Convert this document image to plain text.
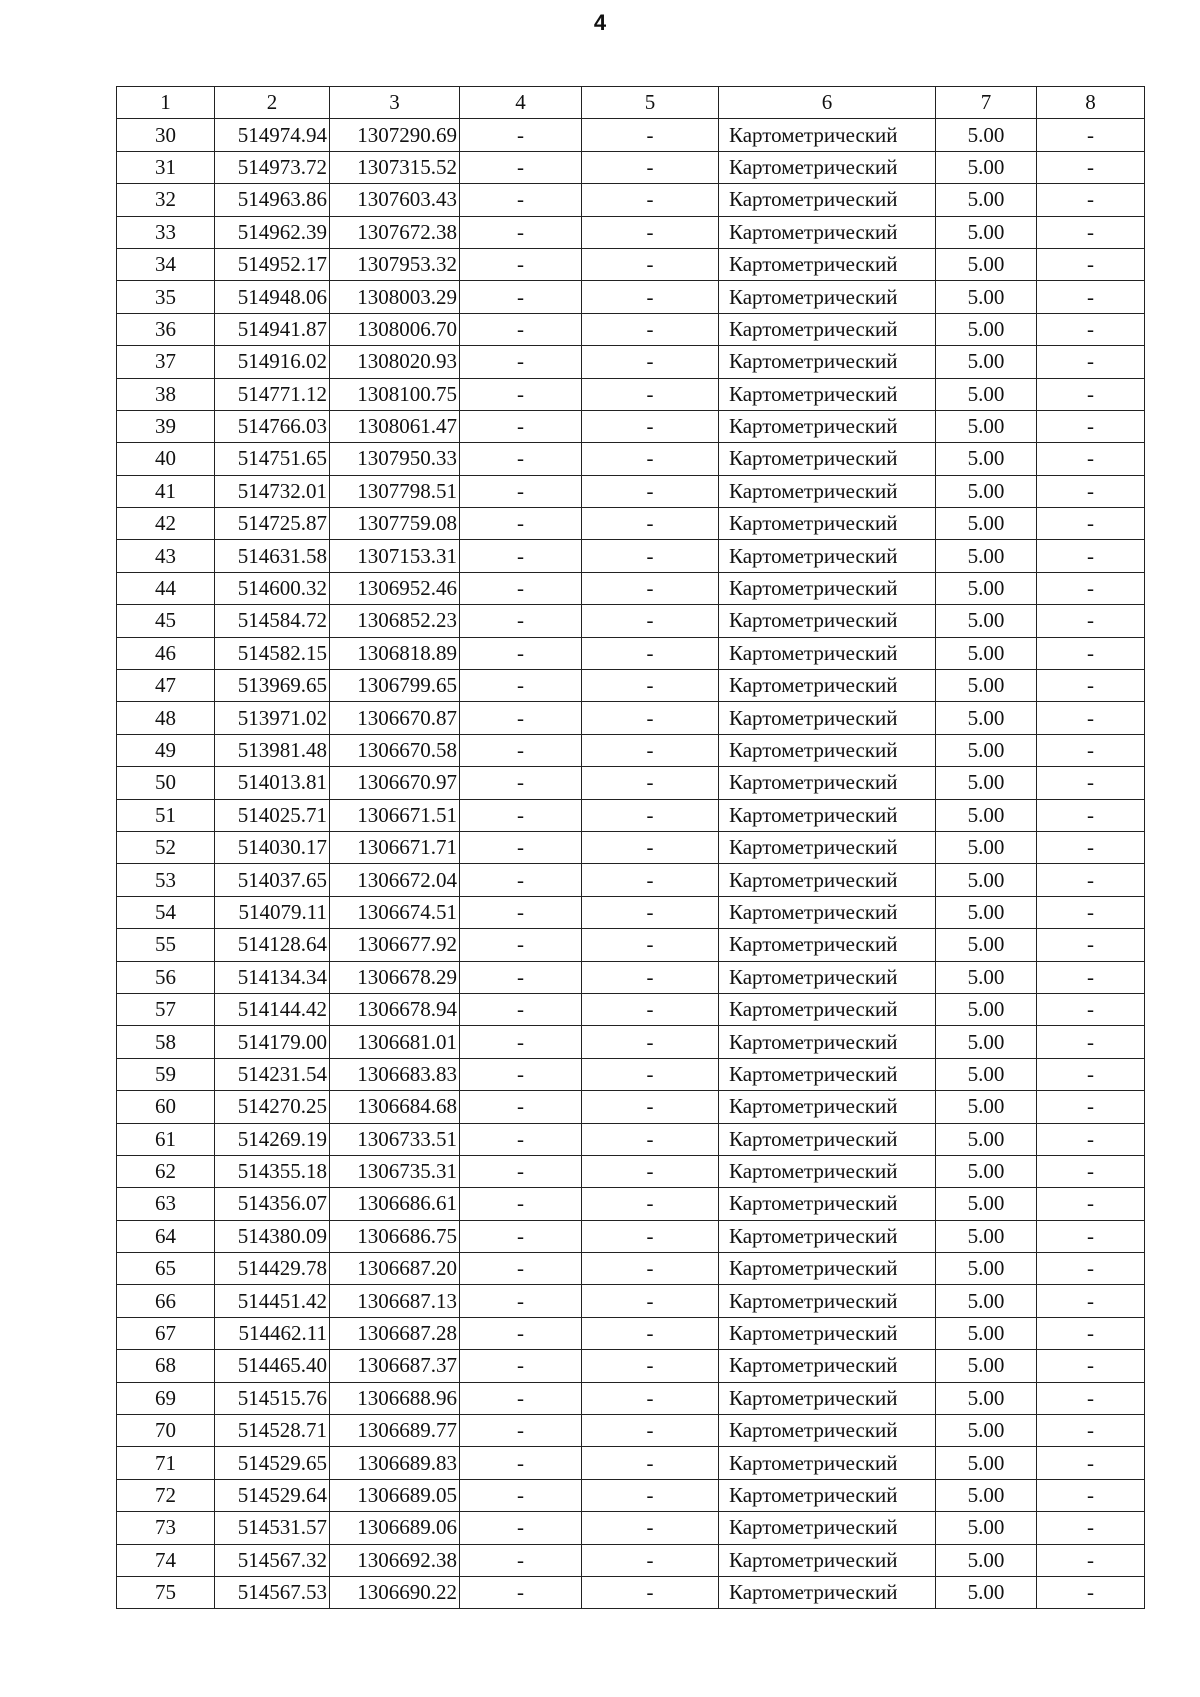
4
1	2	3	4	5	6	7	8
30	514974.94	1307290.69	-	-	Картометрический	5.00	-
31	514973.72	1307315.52	-	-	Картометрический	5.00	-
32	514963.86	1307603.43	-	-	Картометрический	5.00	-
33	514962.39	1307672.38	-	-	Картометрический	5.00	-
34	514952.17	1307953.32	-	-	Картометрический	5.00	-
35	514948.06	1308003.29	-	-	Картометрический	5.00	-
36	514941.87	1308006.70	-	-	Картометрический	5.00	-
37	514916.02	1308020.93	-	-	Картометрический	5.00	-
38	514771.12	1308100.75	-	-	Картометрический	5.00	-
39	514766.03	1308061.47	-	-	Картометрический	5.00	-
40	514751.65	1307950.33	-	-	Картометрический	5.00	-
41	514732.01	1307798.51	-	-	Картометрический	5.00	-
42	514725.87	1307759.08	-	-	Картометрический	5.00	-
43	514631.58	1307153.31	-	-	Картометрический	5.00	-
44	514600.32	1306952.46	-	-	Картометрический	5.00	-
45	514584.72	1306852.23	-	-	Картометрический	5.00	-
46	514582.15	1306818.89	-	-	Картометрический	5.00	-
47	513969.65	1306799.65	-	-	Картометрический	5.00	-
48	513971.02	1306670.87	-	-	Картометрический	5.00	-
49	513981.48	1306670.58	-	-	Картометрический	5.00	-
50	514013.81	1306670.97	-	-	Картометрический	5.00	-
51	514025.71	1306671.51	-	-	Картометрический	5.00	-
52	514030.17	1306671.71	-	-	Картометрический	5.00	-
53	514037.65	1306672.04	-	-	Картометрический	5.00	-
54	514079.11	1306674.51	-	-	Картометрический	5.00	-
55	514128.64	1306677.92	-	-	Картометрический	5.00	-
56	514134.34	1306678.29	-	-	Картометрический	5.00	-
57	514144.42	1306678.94	-	-	Картометрический	5.00	-
58	514179.00	1306681.01	-	-	Картометрический	5.00	-
59	514231.54	1306683.83	-	-	Картометрический	5.00	-
60	514270.25	1306684.68	-	-	Картометрический	5.00	-
61	514269.19	1306733.51	-	-	Картометрический	5.00	-
62	514355.18	1306735.31	-	-	Картометрический	5.00	-
63	514356.07	1306686.61	-	-	Картометрический	5.00	-
64	514380.09	1306686.75	-	-	Картометрический	5.00	-
65	514429.78	1306687.20	-	-	Картометрический	5.00	-
66	514451.42	1306687.13	-	-	Картометрический	5.00	-
67	514462.11	1306687.28	-	-	Картометрический	5.00	-
68	514465.40	1306687.37	-	-	Картометрический	5.00	-
69	514515.76	1306688.96	-	-	Картометрический	5.00	-
70	514528.71	1306689.77	-	-	Картометрический	5.00	-
71	514529.65	1306689.83	-	-	Картометрический	5.00	-
72	514529.64	1306689.05	-	-	Картометрический	5.00	-
73	514531.57	1306689.06	-	-	Картометрический	5.00	-
74	514567.32	1306692.38	-	-	Картометрический	5.00	-
75	514567.53	1306690.22	-	-	Картометрический	5.00	-
